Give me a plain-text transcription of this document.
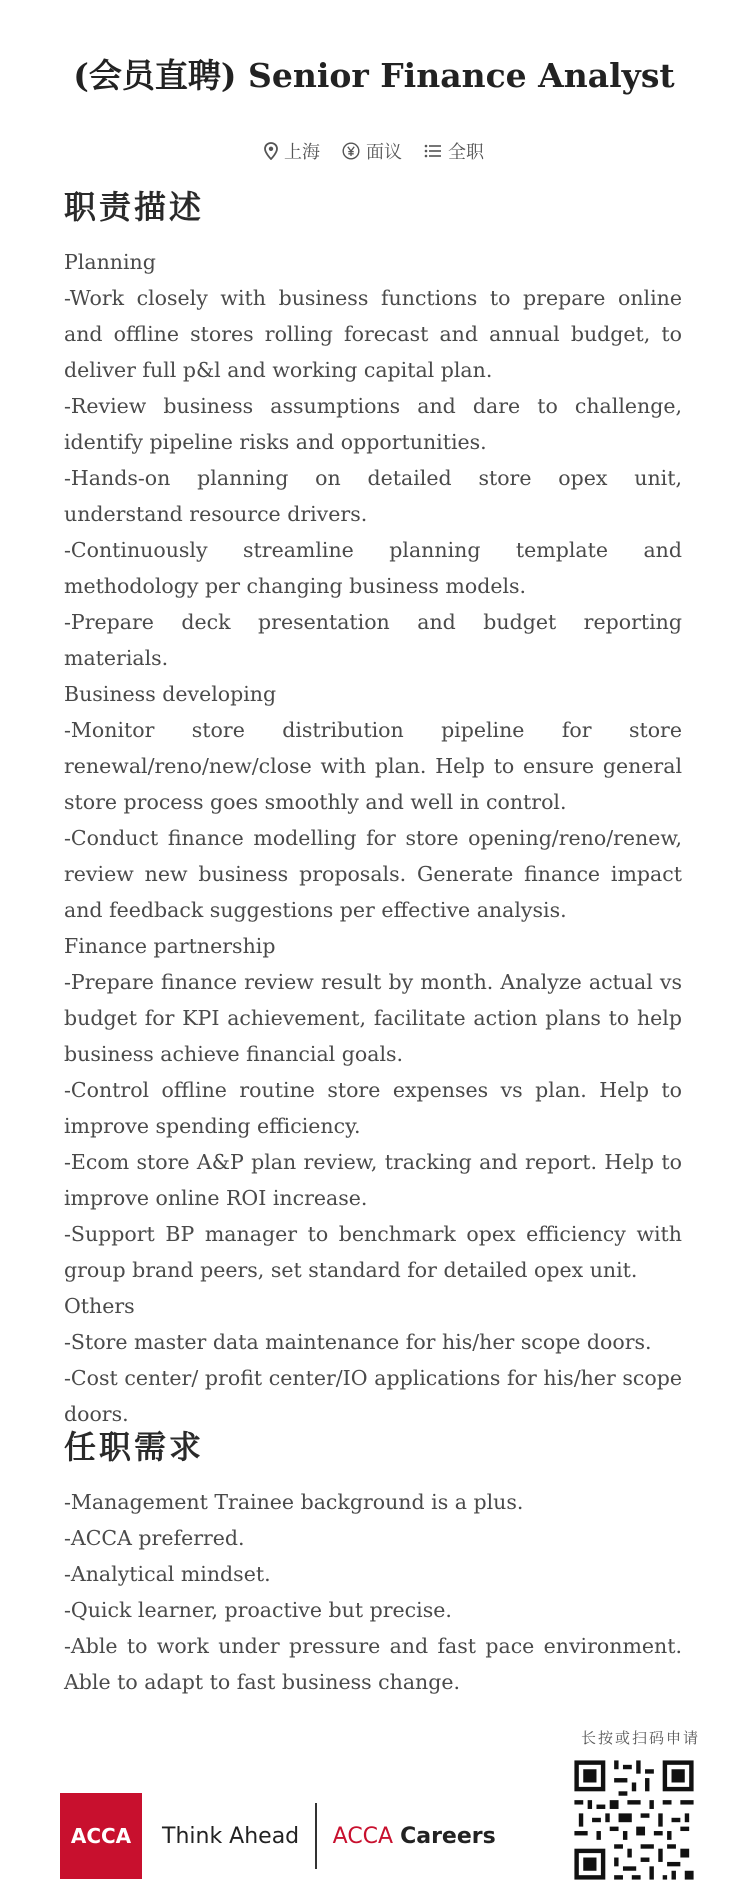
(会员直聘) Senior Finance Analyst
上海	面议	全职
职责描述

Planning

-Work closely with business functions to prepare online and offline stores rolling forecast and annual budget, to deliver full p&l and working capital plan.

-Review business assumptions and dare to challenge, identify pipeline risks and opportunities.

-Hands-on planning on detailed store opex unit, understand resource drivers.

-Continuously streamline planning template and methodology per changing business models.

-Prepare deck presentation and budget reporting materials.

Business developing

-Monitor store distribution pipeline for store renewal/reno/new/close with plan. Help to ensure general store process goes smoothly and well in control.

-Conduct finance modelling for store opening/reno/renew, review new business proposals. Generate finance impact and feedback suggestions per effective analysis.

Finance partnership

-Prepare finance review result by month. Analyze actual vs budget for KPI achievement, facilitate action plans to help business achieve financial goals.

-Control offline routine store expenses vs plan. Help to improve spending efficiency.

-Ecom store A&P plan review, tracking and report. Help to improve online ROI increase.

-Support BP manager to benchmark opex efficiency with group brand peers, set standard for detailed opex unit.

Others

-Store master data maintenance for his/her scope doors.

-Cost center/ profit center/IO applications for his/her scope doors.

任职需求

-Management Trainee background is a plus.

-ACCA preferred.

-Analytical mindset.

-Quick learner, proactive but precise.

-Able to work under pressure and fast pace environment. Able to adapt to fast business change.

长按或扫码申请
ACCA	Think Ahead ACCA Careers
